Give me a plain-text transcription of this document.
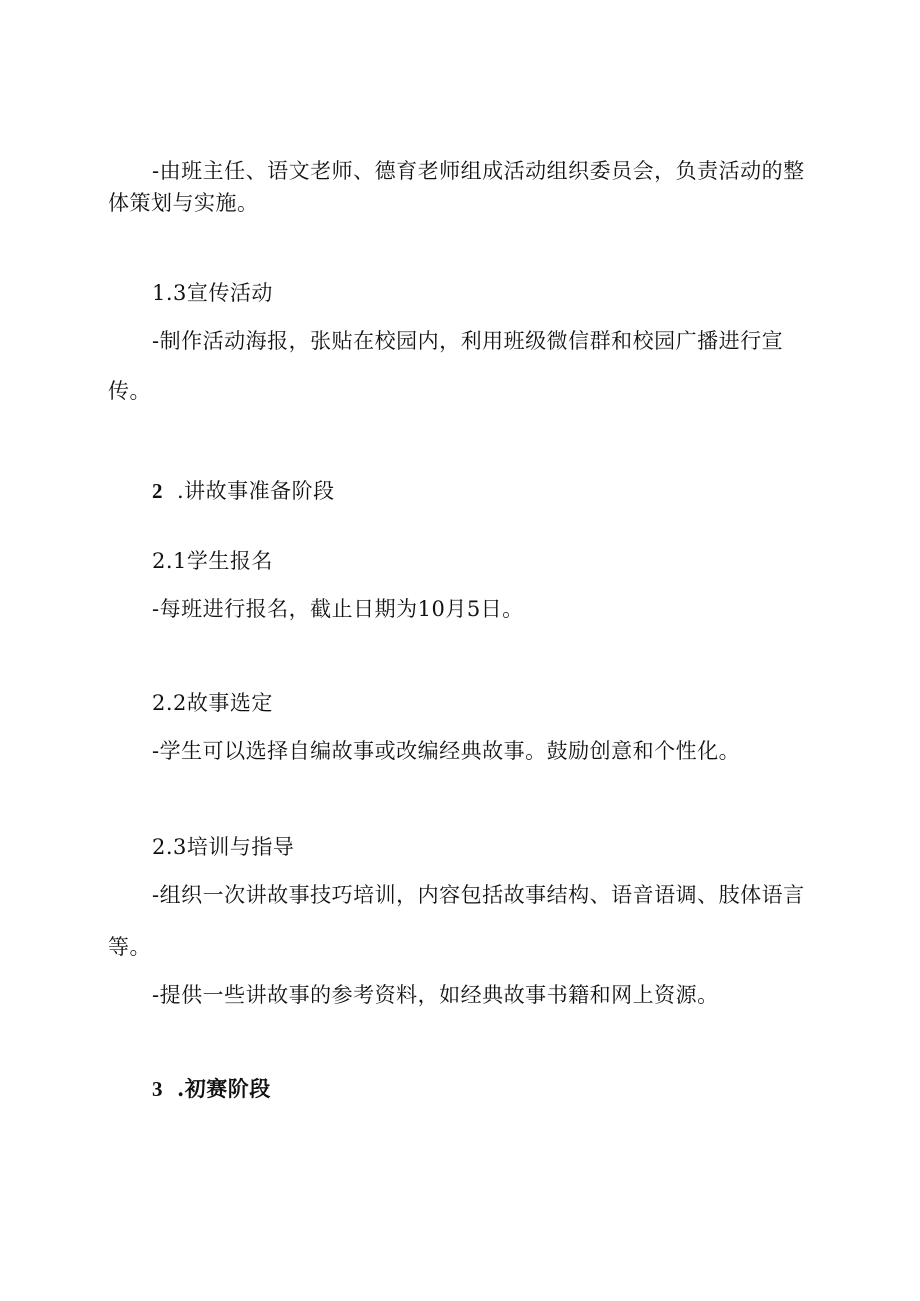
-由班主任、语文老师、德育老师组成活动组织委员会，负责活动的整
体策划与实施。
1.3宣传活动
-制作活动海报，张贴在校园内，利用班级微信群和校园广播进行宣
传。
2 .讲故事准备阶段
2.1学生报名
-每班进行报名，截止日期为10月5日。
2.2故事选定
-学生可以选择自编故事或改编经典故事。鼓励创意和个性化。
2.3培训与指导
-组织一次讲故事技巧培训，内容包括故事结构、语音语调、肢体语言
等。
-提供一些讲故事的参考资料，如经典故事书籍和网上资源。
3 .初赛阶段
